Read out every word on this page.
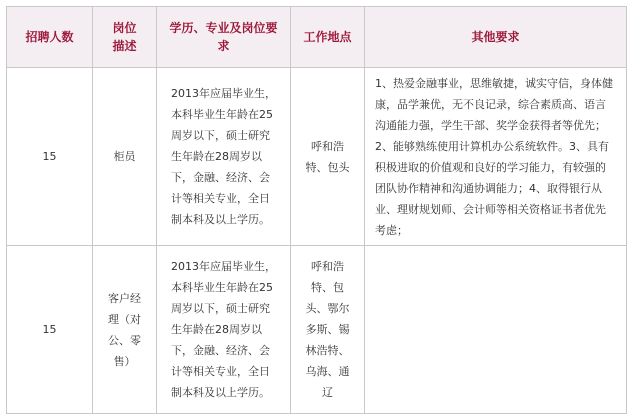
招聘人数	岗位描述	学历、专业及岗位要求	工作地点	其他要求

15	柜员	2013年应届毕业生，本科毕业生年龄在25周岁以下，硕士研究生年龄在28周岁以下，金融、经济、会计等相关专业，全日制本科及以上学历。	呼和浩特、包头	1、热爱金融事业，思维敏捷，诚实守信，身体健康，品学兼优，无不良记录，综合素质高、语言沟通能力强，学生干部、奖学金获得者等优先；2、能够熟练使用计算机办公系统软件。3、具有积极进取的价值观和良好的学习能力，有较强的团队协作精神和沟通协调能力；4、取得银行从业、理财规划师、会计师等相关资格证书者优先考虑；

15	客户经理（对公、零售）	2013年应届毕业生，本科毕业生年龄在25周岁以下，硕士研究生年龄在28周岁以下，金融、经济、会计等相关专业，全日制本科及以上学历。	呼和浩特、包头、鄂尔多斯、锡林浩特、乌海、通辽	
